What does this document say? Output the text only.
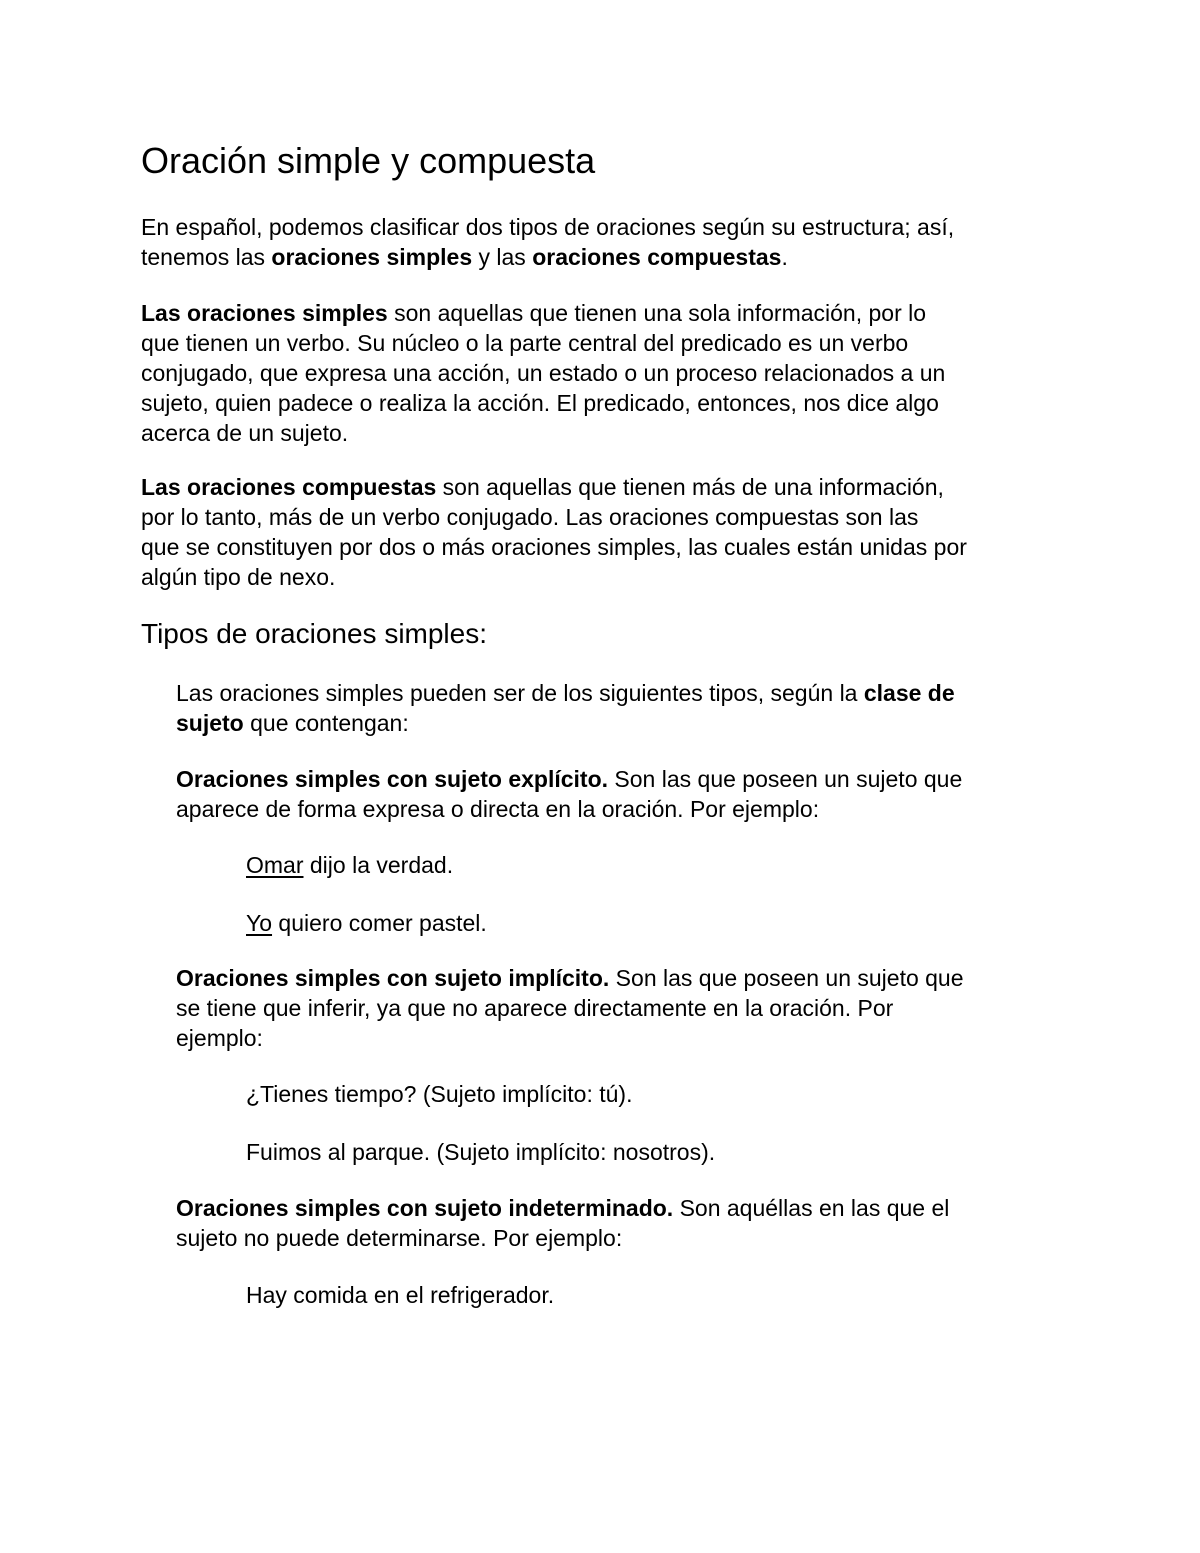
Oración simple y compuesta

En español, podemos clasificar dos tipos de oraciones según su estructura; así,
tenemos las oraciones simples y las oraciones compuestas.

Las oraciones simples son aquellas que tienen una sola información, por lo
que tienen un verbo. Su núcleo o la parte central del predicado es un verbo
conjugado, que expresa una acción, un estado o un proceso relacionados a un
sujeto, quien padece o realiza la acción. El predicado, entonces, nos dice algo
acerca de un sujeto.

Las oraciones compuestas son aquellas que tienen más de una información,
por lo tanto, más de un verbo conjugado. Las oraciones compuestas son las
que se constituyen por dos o más oraciones simples, las cuales están unidas por
algún tipo de nexo.

Tipos de oraciones simples:

Las oraciones simples pueden ser de los siguientes tipos, según la clase de
sujeto que contengan:

Oraciones simples con sujeto explícito. Son las que poseen un sujeto que
aparece de forma expresa o directa en la oración. Por ejemplo:

Omar dijo la verdad.

Yo quiero comer pastel.

Oraciones simples con sujeto implícito. Son las que poseen un sujeto que
se tiene que inferir, ya que no aparece directamente en la oración. Por
ejemplo:

¿Tienes tiempo? (Sujeto implícito: tú).

Fuimos al parque. (Sujeto implícito: nosotros).

Oraciones simples con sujeto indeterminado. Son aquéllas en las que el
sujeto no puede determinarse. Por ejemplo:

Hay comida en el refrigerador.
